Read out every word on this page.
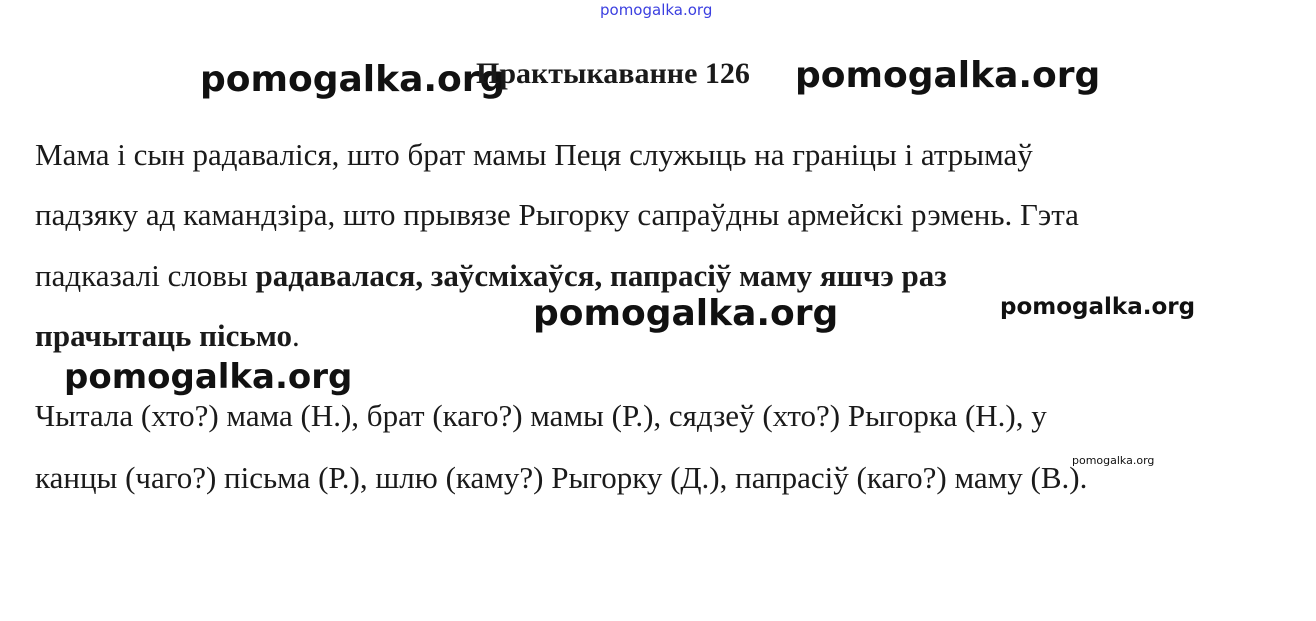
pomogalka.org
pomogalka.org
Практыкаванне 126 pomogalka.org
Мама і сын радаваліся, што брат мамы Пеця служыць на граніцы і атрымаў
падзяку ад камандзіра, што прывязе Рыгорку сапраўдны армейскі рэмень. Гэта
падказалі словы радавалася, заўсміхаўся, папрасіў маму яшчэ раз
прачытаць пісьмо.
pomogalka.org	pomogalka.org
pomogalka.org
Чытала (хто?) мама (Н.), брат (каго?) мамы (Р.), сядзеў (хто?) Рыгорка (Н.), у
канцы (чаго?) пісьма (Р.), шлю (каму?) Рыгорку (Д.), папрасіў (каго?) маму (В.).
pomogalka.org
